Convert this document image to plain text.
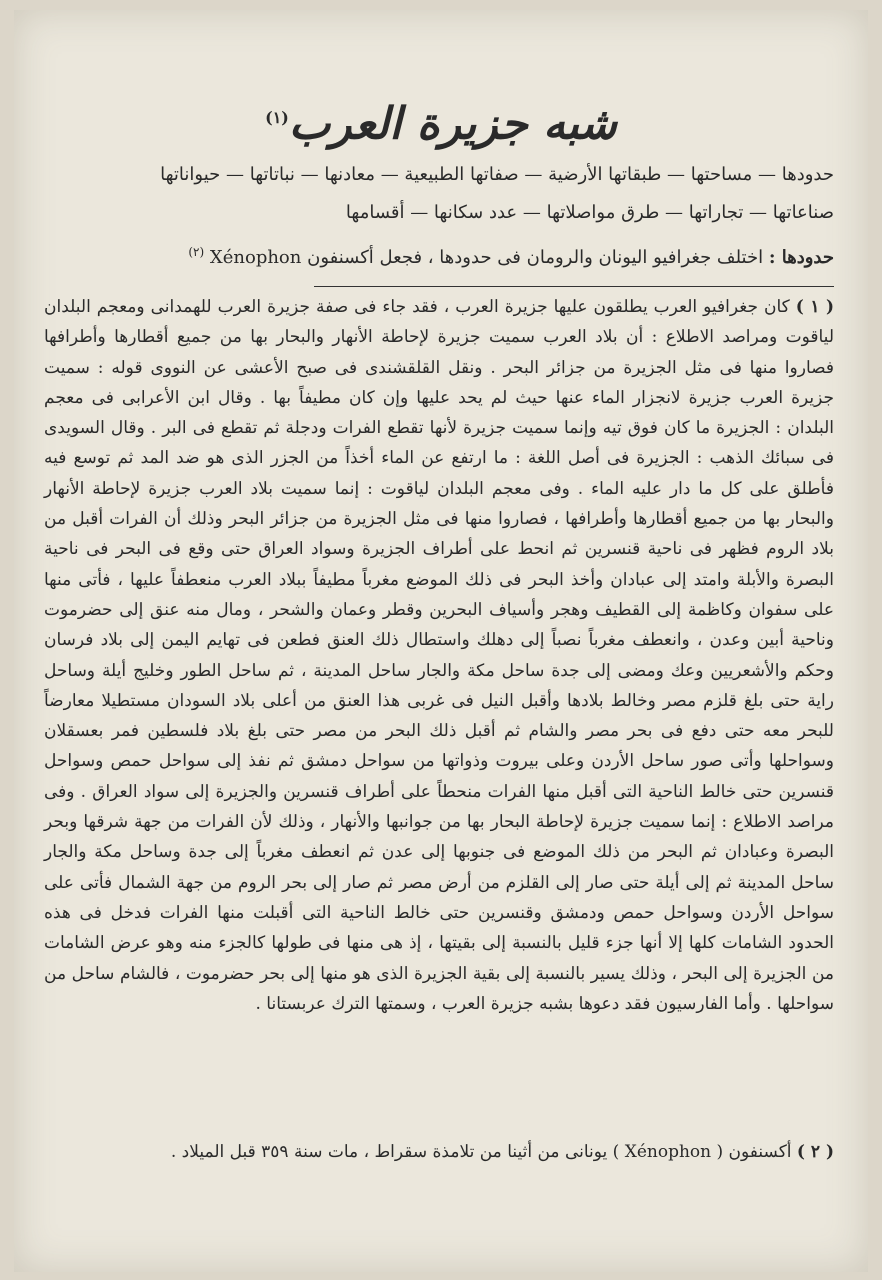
شبه جزيرة العرب$^{(١)}$
حدودها — مساحتها — طبقاتها الأرضية — صفاتها الطبيعية — معادنها — نباتاتها — حيواناتها
صناعاتها — تجاراتها — طرق مواصلاتها — عدد سكانها — أقسامها
حدودها : اختلف جغرافيو اليونان والرومان فى حدودها ، فجعل أكسنفون Xénophon $^{(٢)}$
( ١ ) كان جغرافيو العرب يطلقون عليها جزيرة العرب ، فقد جاء فى صفة جزيرة العرب للهمدانى ومعجم البلدان لياقوت ومراصد الاطلاع : أن بلاد العرب سميت جزيرة لإحاطة الأنهار والبحار بها من جميع أقطارها وأطرافها فصاروا منها فى مثل الجزيرة من جزائر البحر . ونقل القلقشندى فى صبح الأعشى عن النووى قوله : سميت جزيرة العرب جزيرة لانجزار الماء عنها حيث لم يحد عليها وإن كان مطيفاً بها . وقال ابن الأعرابى فى معجم البلدان : الجزيرة ما كان فوق تيه وإنما سميت جزيرة لأنها تقطع الفرات ودجلة ثم تقطع فى البر . وقال السويدى فى سبائك الذهب : الجزيرة فى أصل اللغة : ما ارتفع عن الماء أخذاً من الجزر الذى هو ضد المد ثم توسع فيه فأطلق على كل ما دار عليه الماء . وفى معجم البلدان لياقوت : إنما سميت بلاد العرب جزيرة لإحاطة الأنهار والبحار بها من جميع أقطارها وأطرافها ، فصاروا منها فى مثل الجزيرة من جزائر البحر وذلك أن الفرات أقبل من بلاد الروم فظهر فى ناحية قنسرين ثم انحط على أطراف الجزيرة وسواد العراق حتى وقع فى البحر فى ناحية البصرة والأبلة وامتد إلى عبادان وأخذ البحر فى ذلك الموضع مغرباً مطيفاً ببلاد العرب منعطفاً عليها ، فأتى منها على سفوان وكاظمة إلى القطيف وهجر وأسياف البحرين وقطر وعمان والشحر ، ومال منه عنق إلى حضرموت وناحية أبين وعدن ، وانعطف مغرباً نصباً إلى دهلك واستطال ذلك العنق فطعن فى تهايم اليمن إلى بلاد فرسان وحكم والأشعريين وعك ومضى إلى جدة ساحل مكة والجار ساحل المدينة ، ثم ساحل الطور وخليج أيلة وساحل راية حتى بلغ قلزم مصر وخالط بلادها وأقبل النيل فى غربى هذا العنق من أعلى بلاد السودان مستطيلا معارضاً للبحر معه حتى دفع فى بحر مصر والشام ثم أقبل ذلك البحر من مصر حتى بلغ بلاد فلسطين فمر بعسقلان وسواحلها وأتى صور ساحل الأردن وعلى بيروت وذواتها من سواحل دمشق ثم نفذ إلى سواحل حمص وسواحل قنسرين حتى خالط الناحية التى أقبل منها الفرات منحطاً على أطراف قنسرين والجزيرة إلى سواد العراق . وفى مراصد الاطلاع : إنما سميت جزيرة لإحاطة البحار بها من جوانبها والأنهار ، وذلك لأن الفرات من جهة شرقها وبحر البصرة وعبادان ثم البحر من ذلك الموضع فى جنوبها إلى عدن ثم انعطف مغرباً إلى جدة وساحل مكة والجار ساحل المدينة ثم إلى أيلة حتى صار إلى القلزم من أرض مصر ثم صار إلى بحر الروم من جهة الشمال فأتى على سواحل الأردن وسواحل حمص ودمشق وقنسرين حتى خالط الناحية التى أقبلت منها الفرات فدخل فى هذه الحدود الشامات كلها إلا أنها جزء قليل بالنسبة إلى بقيتها ، إذ هى منها فى طولها كالجزء منه وهو عرض الشامات من الجزيرة إلى البحر ، وذلك يسير بالنسبة إلى بقية الجزيرة الذى هو منها إلى بحر حضرموت ، فالشام ساحل من سواحلها . وأما الفارسيون فقد دعوها بشبه جزيرة العرب ، وسمتها الترك عربستانا .
( ٢ ) أكسنفون ( Xénophon ) يونانى من أثينا من تلامذة سقراط ، مات سنة ٣٥٩ قبل الميلاد .
